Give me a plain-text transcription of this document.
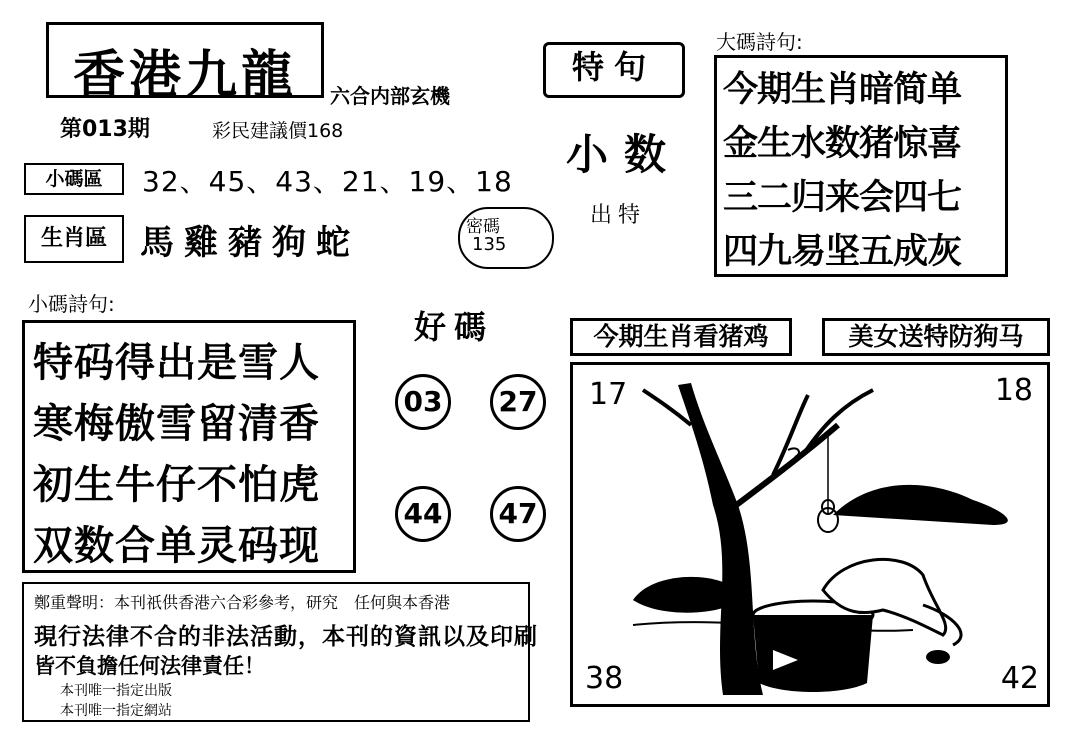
香港九龍	六合内部玄機
第013期	彩民建議價168
小碼區	32、45、43、21、19、18
生肖區 馬雞豬狗蛇	密碼
135
特句
小数
出特
大碼詩句:
今期生肖暗简单
金生水数猪惊喜
三二归来会四七
四九易坚五成灰
小碼詩句:
特码得出是雪人
寒梅傲雪留清香
初生牛仔不怕虎
双数合单灵码现
好碼
03	27
44	47
今期生肖看猪鸡	美女送特防狗马
17	18
38	42
鄭重聲明：本刊祇供香港六合彩參考，研究　任何與本香港
現行法律不合的非法活動，本刊的資訊以及印刷
皆不負擔任何法律責任！
本刊唯一指定出版
本刊唯一指定網站
